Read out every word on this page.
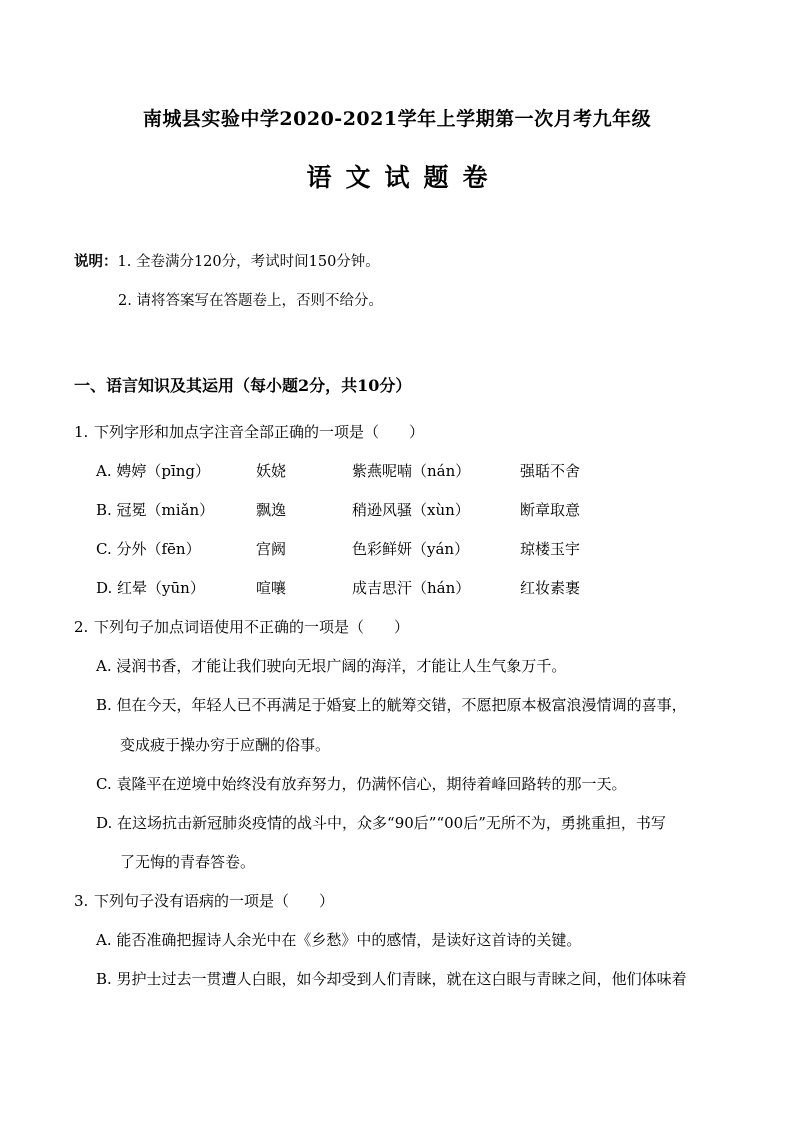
南城县实验中学2020-2021学年上学期第一次月考九年级
语文试题卷
说明：1. 全卷满分120分，考试时间150分钟。
2. 请将答案写在答题卷上，否则不给分。
一、语言知识及其运用（每小题2分，共10分）
1. 下列字形和加点字注音全部正确的一项是（　　）
A. 娉婷（pīng）	妖娆	紫燕呢喃（nán）	强聒不舍
B. 冠冕（miǎn）	飘逸	稍逊风骚（xùn）	断章取意
C. 分外（fēn）	宫阙	色彩鲜妍（yán）	琼楼玉宇
D. 红晕（yūn）	喧嚷	成吉思汗（hán）	红妆素裹
2. 下列句子加点词语使用不正确的一项是（　　）
A. 浸润书香，才能让我们驶向无垠广阔的海洋，才能让人生气象万千。
B. 但在今天，年轻人已不再满足于婚宴上的觥筹交错，不愿把原本极富浪漫情调的喜事，
变成疲于操办穷于应酬的俗事。
C. 袁隆平在逆境中始终没有放弃努力，仍满怀信心，期待着峰回路转的那一天。
D. 在这场抗击新冠肺炎疫情的战斗中，众多“90后”“00后”无所不为，勇挑重担，书写
了无悔的青春答卷。
3. 下列句子没有语病的一项是（　　）
A. 能否准确把握诗人余光中在《乡愁》中的感情，是读好这首诗的关键。
B. 男护士过去一贯遭人白眼，如今却受到人们青睐，就在这白眼与青睐之间，他们体味着
